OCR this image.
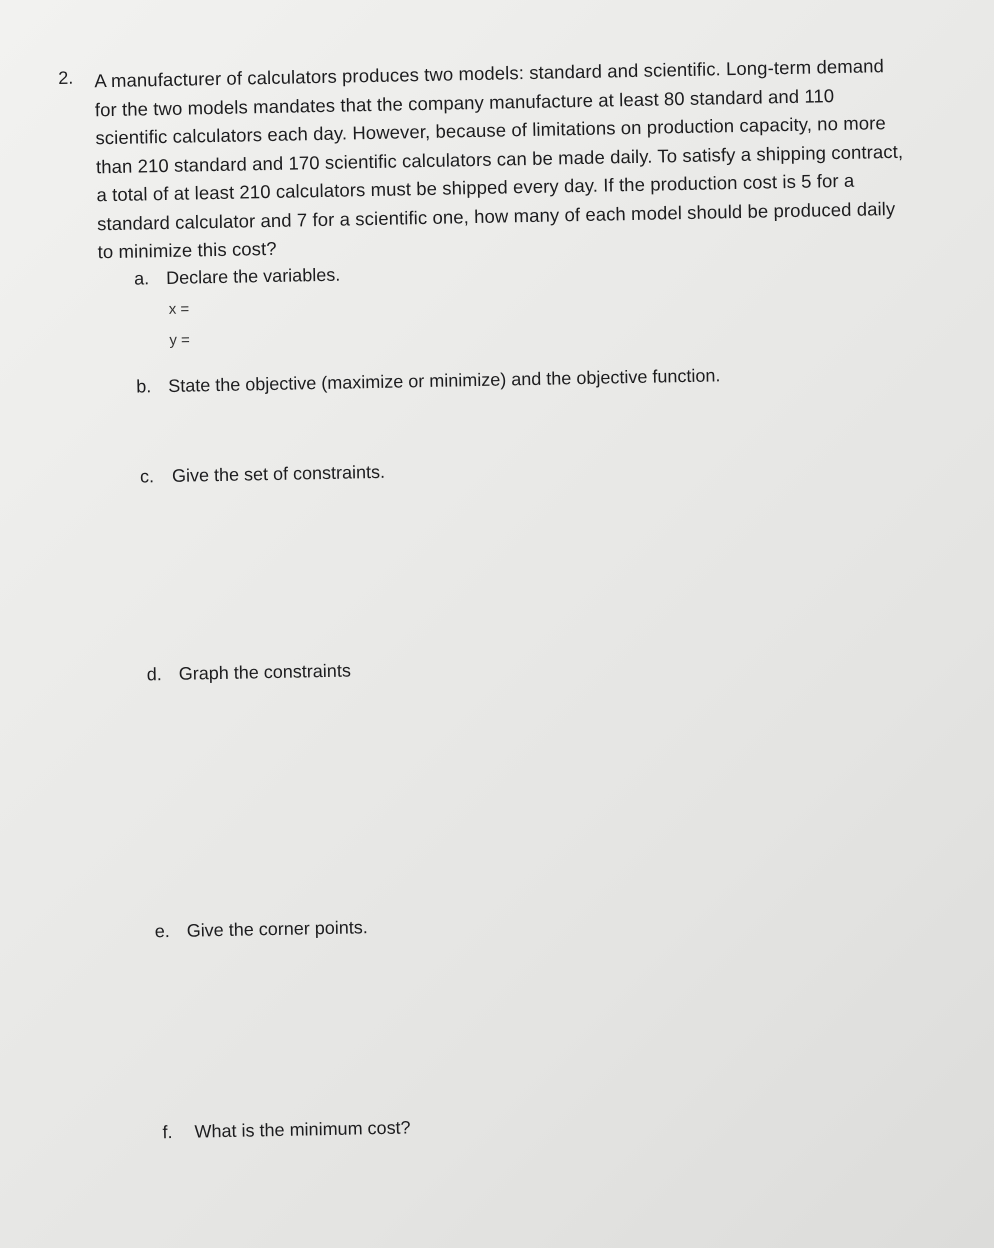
2. A manufacturer of calculators produces two models: standard and scientific. Long-term demand for the two models mandates that the company manufacture at least 80 standard and 110 scientific calculators each day. However, because of limitations on production capacity, no more than 210 standard and 170 scientific calculators can be made daily. To satisfy a shipping contract, a total of at least 210 calculators must be shipped every day. If the production cost is 5 for a standard calculator and 7 for a scientific one, how many of each model should be produced daily to minimize this cost?
a. Declare the variables.
x =
y =
b. State the objective (maximize or minimize) and the objective function.
c. Give the set of constraints.
d. Graph the constraints
e. Give the corner points.
f. What is the minimum cost?
